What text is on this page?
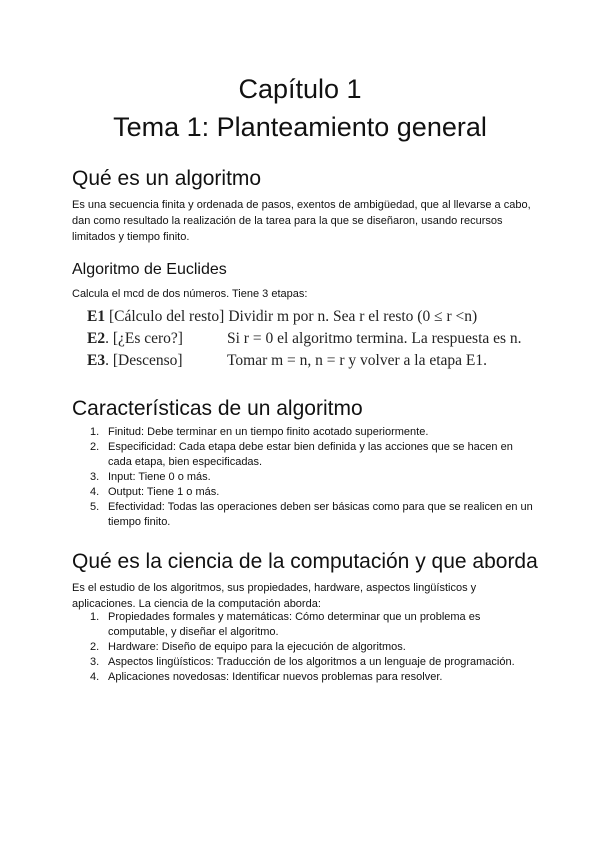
Capítulo 1
Tema 1: Planteamiento general
Qué es un algoritmo

Es una secuencia finita y ordenada de pasos, exentos de ambigüedad, que al llevarse a cabo, dan como resultado la realización de la tarea para la que se diseñaron, usando recursos limitados y tiempo finito.

Algoritmo de Euclides

Calcula el mcd de dos números. Tiene 3 etapas:

E1 [Cálculo del resto] Dividir m por n. Sea r el resto (0 ≤ r <n)
E2. [¿Es cero?]	Si r = 0 el algoritmo termina. La respuesta es n.
E3. [Descenso]	Tomar m = n, n = r y volver a la etapa E1.
Características de un algoritmo
1. Finitud: Debe terminar en un tiempo finito acotado superiormente.
2. Especificidad: Cada etapa debe estar bien definida y las acciones que se hacen en cada etapa, bien especificadas.
3. Input: Tiene 0 o más.
4. Output: Tiene 1 o más.
5. Efectividad: Todas las operaciones deben ser básicas como para que se realicen en un tiempo finito.
Qué es la ciencia de la computación y que aborda

Es el estudio de los algoritmos, sus propiedades, hardware, aspectos lingüísticos y aplicaciones. La ciencia de la computación aborda:

1. Propiedades formales y matemáticas: Cómo determinar que un problema es computable, y diseñar el algoritmo.
2. Hardware: Diseño de equipo para la ejecución de algoritmos.
3. Aspectos lingüísticos: Traducción de los algoritmos a un lenguaje de programación.
4. Aplicaciones novedosas: Identificar nuevos problemas para resolver.
